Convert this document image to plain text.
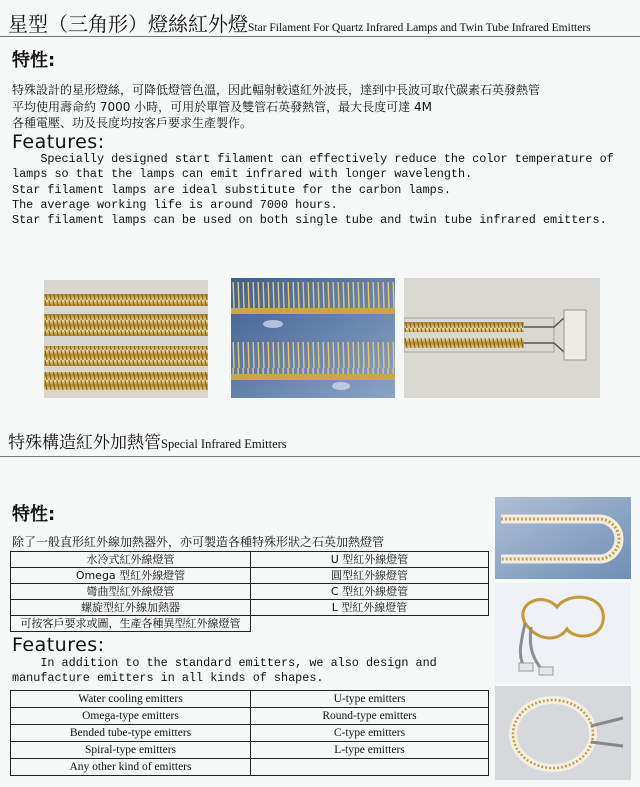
星型（三角形）燈絲紅外燈Star Filament For Quartz Infrared Lamps and Twin Tube Infrared Emitters
特性:
特殊設計的星形燈絲，可降低燈管色溫，因此輻射較遠紅外波長，達到中長波可取代碳素石英發熱管
平均使用壽命約 7000 小時，可用於單管及雙管石英發熱管，最大長度可達 4M
各種電壓、功及長度均按客戶要求生產製作。
Features:
Specially designed start filament can effectively reduce the color temperature of
lamps so that the lamps can emit infrared with longer wavelength.
Star filament lamps are ideal substitute for the carbon lamps.
The average working life is around 7000 hours.
Star filament lamps can be used on both single tube and twin tube infrared emitters.
特殊構造紅外加熱管Special Infrared Emitters
特性:
除了一般直形紅外線加熱器外，亦可製造各種特殊形狀之石英加熱燈管
水冷式紅外線燈管	U 型紅外線燈管
Omega 型紅外線燈管	圓型紅外線燈管
彎曲型紅外線燈管	C 型紅外線燈管
螺旋型紅外線加熱器	L 型紅外線燈管
可按客戶要求或圖，生產各種異型紅外線燈管	
Features:
In addition to the standard emitters, we also design and
manufacture emitters in all kinds of shapes.
Water cooling emitters	U-type emitters
Omega-type emitters	Round-type emitters
Bended tube-type emitters	C-type emitters
Spiral-type emitters	L-type emitters
Any other kind of emitters	
